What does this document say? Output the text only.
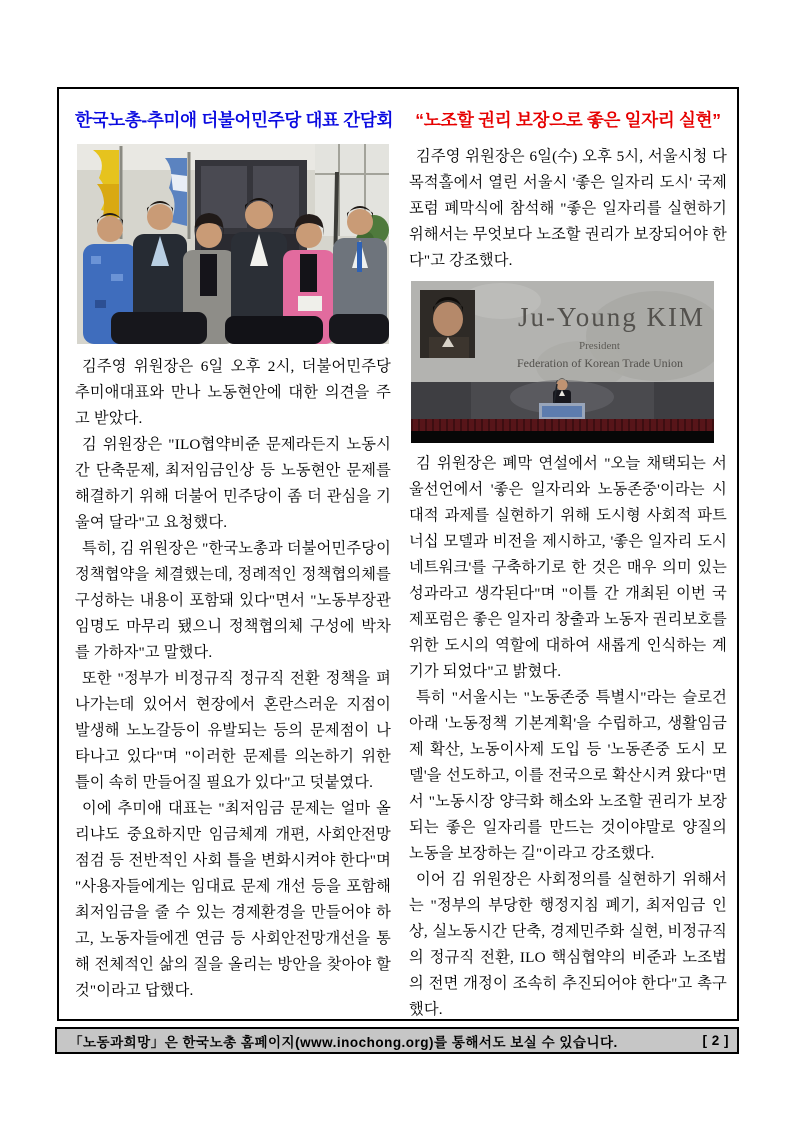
한국노총-추미애 더불어민주당 대표 간담회

김주영 위원장은 6일 오후 2시, 더불어민주당 추미애대표와 만나 노동현안에 대한 의견을 주고 받았다.

김 위원장은 "ILO협약비준 문제라든지 노동시간 단축문제, 최저임금인상 등 노동현안 문제를 해결하기 위해 더불어 민주당이 좀 더 관심을 기울여 달라"고 요청했다.

특히, 김 위원장은 "한국노총과 더불어민주당이 정책협약을 체결했는데, 정례적인 정책협의체를 구성하는 내용이 포함돼 있다"면서 "노동부장관 임명도 마무리 됐으니 정책협의체 구성에 박차를 가하자"고 말했다.

또한 "정부가 비정규직 정규직 전환 정책을 펴나가는데 있어서 현장에서 혼란스러운 지점이 발생해 노노갈등이 유발되는 등의 문제점이 나타나고 있다"며 "이러한 문제를 의논하기 위한 틀이 속히 만들어질 필요가 있다"고 덧붙였다.

이에 추미애 대표는 "최저임금 문제는 얼마 올리냐도 중요하지만 임금체계 개편, 사회안전망 점검 등 전반적인 사회 틀을 변화시켜야 한다"며 "사용자들에게는 임대료 문제 개선 등을 포함해 최저임금을 줄 수 있는 경제환경을 만들어야 하고, 노동자들에겐 연금 등 사회안전망개선을 통해 전체적인 삶의 질을 올리는 방안을 찾아야 할 것"이라고 답했다.

“노조할 권리 보장으로 좋은 일자리 실현”

김주영 위원장은 6일(수) 오후 5시, 서울시청 다목적홀에서 열린 서울시 '좋은 일자리 도시' 국제포럼 폐막식에 참석해 "좋은 일자리를 실현하기 위해서는 무엇보다 노조할 권리가 보장되어야 한다"고 강조했다.

Ju-Young KIM
President
Federation of Korean Trade Union

김 위원장은 폐막 연설에서 "오늘 채택되는 서울선언에서 '좋은 일자리와 노동존중'이라는 시대적 과제를 실현하기 위해 도시형 사회적 파트너십 모델과 비전을 제시하고, '좋은 일자리 도시 네트워크'를 구축하기로 한 것은 매우 의미 있는 성과라고 생각된다"며 "이틀 간 개최된 이번 국제포럼은 좋은 일자리 창출과 노동자 권리보호를 위한 도시의 역할에 대하여 새롭게 인식하는 계기가 되었다"고 밝혔다.

특히 "서울시는 "노동존중 특별시"라는 슬로건 아래 '노동정책 기본계획'을 수립하고, 생활임금제 확산, 노동이사제 도입 등 '노동존중 도시 모델'을 선도하고, 이를 전국으로 확산시켜 왔다"면서 "노동시장 양극화 해소와 노조할 권리가 보장되는 좋은 일자리를 만드는 것이야말로 양질의 노동을 보장하는 길"이라고 강조했다.

이어 김 위원장은 사회정의를 실현하기 위해서는 "정부의 부당한 행정지침 폐기, 최저임금 인상, 실노동시간 단축, 경제민주화 실현, 비정규직의 정규직 전환, ILO 핵심협약의 비준과 노조법의 전면 개정이 조속히 추진되어야 한다"고 촉구했다.

「노동과희망」은 한국노총 홈페이지(www.inochong.org)를 통해서도 보실 수 있습니다.	[ 2 ]
